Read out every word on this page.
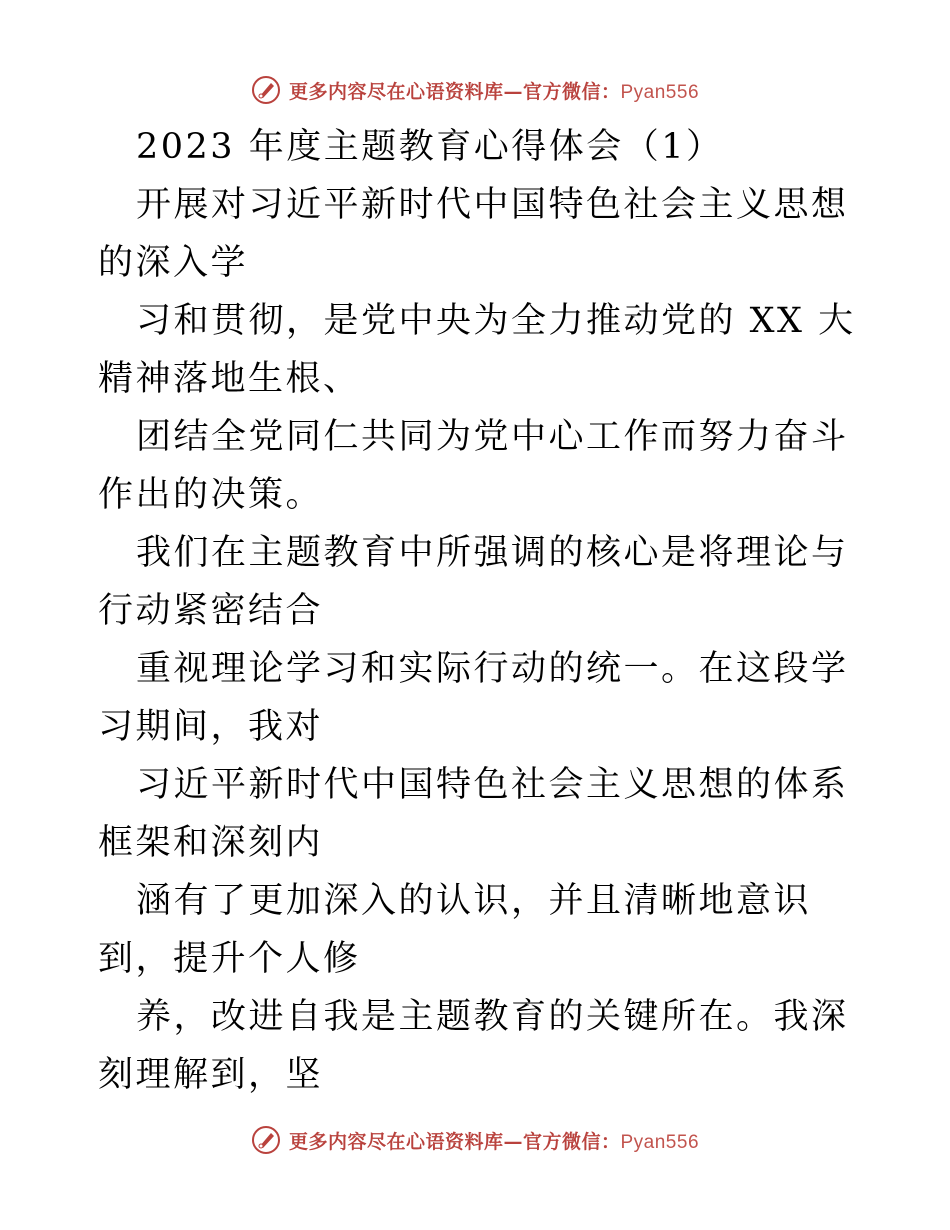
更多内容尽在心语资料库—官方微信：Pyan556

2023 年度主题教育心得体会（1）

开展对习近平新时代中国特色社会主义思想的深入学

习和贯彻，是党中央为全力推动党的 XX 大精神落地生根、

团结全党同仁共同为党中心工作而努力奋斗作出的决策。

我们在主题教育中所强调的核心是将理论与行动紧密结合

重视理论学习和实际行动的统一。在这段学习期间，我对

习近平新时代中国特色社会主义思想的体系框架和深刻内

涵有了更加深入的认识，并且清晰地意识到，提升个人修

养，改进自我是主题教育的关键所在。我深刻理解到，坚

更多内容尽在心语资料库—官方微信：Pyan556
